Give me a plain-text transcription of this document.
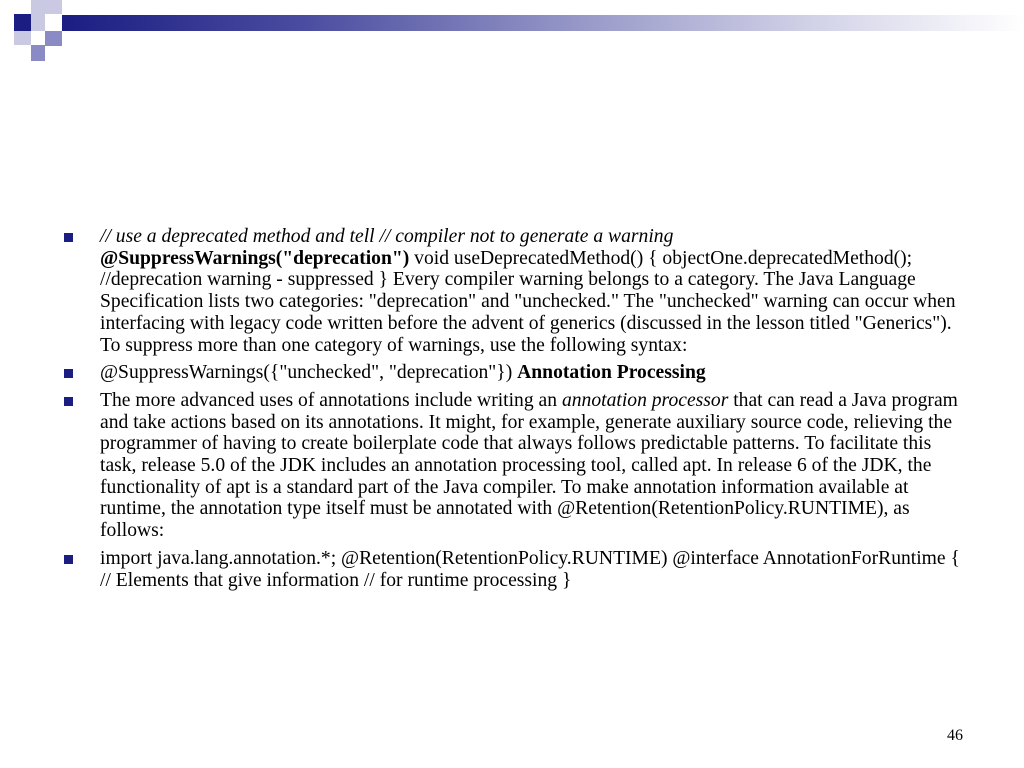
// use a deprecated method and tell // compiler not to generate a warning @SuppressWarnings("deprecation") void useDeprecatedMethod() { objectOne.deprecatedMethod(); //deprecation warning - suppressed } Every compiler warning belongs to a category. The Java Language Specification lists two categories: "deprecation" and "unchecked." The "unchecked" warning can occur when interfacing with legacy code written before the advent of generics (discussed in the lesson titled "Generics"). To suppress more than one category of warnings, use the following syntax:
@SuppressWarnings({"unchecked", "deprecation"}) Annotation Processing
The more advanced uses of annotations include writing an annotation processor that can read a Java program and take actions based on its annotations. It might, for example, generate auxiliary source code, relieving the programmer of having to create boilerplate code that always follows predictable patterns. To facilitate this task, release 5.0 of the JDK includes an annotation processing tool, called apt. In release 6 of the JDK, the functionality of apt is a standard part of the Java compiler. To make annotation information available at runtime, the annotation type itself must be annotated with @Retention(RetentionPolicy.RUNTIME), as follows:
import java.lang.annotation.*; @Retention(RetentionPolicy.RUNTIME) @interface AnnotationForRuntime { // Elements that give information // for runtime processing }
46
